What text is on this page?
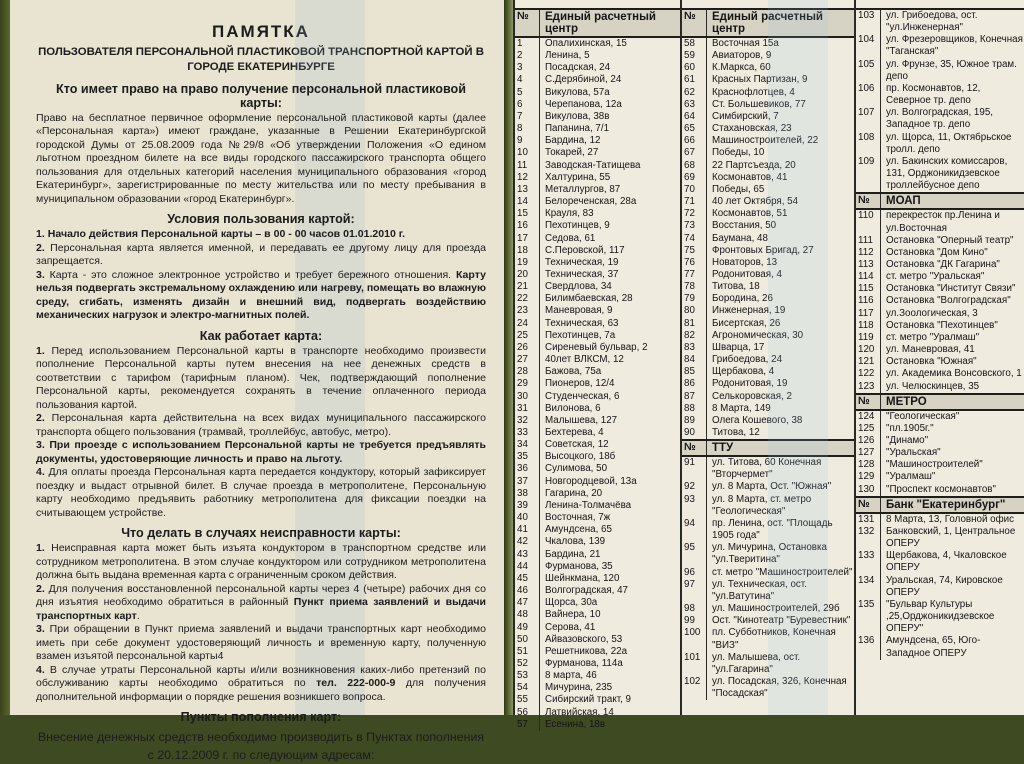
ПАМЯТКА
ПОЛЬЗОВАТЕЛЯ ПЕРСОНАЛЬНОЙ ПЛАСТИКОВОЙ ТРАНСПОРТНОЙ КАРТОЙ В ГОРОДЕ ЕКАТЕРИНБУРГЕ
Кто имеет право на право получение персональной пластиковой карты:
Право на бесплатное первичное оформление персональной пластиковой карты (далее «Персональная карта») имеют граждане, указанные в Решении Екатеринбургской городской Думы от 25.08.2009 года №29/8 «Об утверждении Положения «О едином льготном проездном билете на все виды городского пассажирского транспорта общего пользования для отдельных категорий населения муниципального образования «город Екатеринбург», зарегистрированные по месту жительства или по месту пребывания в муниципальном образовании «город Екатеринбург».
Условия пользования картой:
1. Начало действия Персональной карты – в 00 - 00 часов 01.01.2010 г.
2. Персональная карта является именной, и передавать ее другому лицу для проезда запрещается.
3. Карта - это сложное электронное устройство и требует бережного отношения. Карту нельзя подвергать экстремальному охлаждению или нагреву, помещать во влажную среду, сгибать, изменять дизайн и внешний вид, подвергать воздействию механических нагрузок и электро-магнитных полей.
Как работает карта:
1. Перед использованием Персональной карты в транспорте необходимо произвести пополнение Персональной карты путем внесения на нее денежных средств в соответствии с тарифом (тарифным планом). Чек, подтверждающий пополнение Персональной карты, рекомендуется сохранять в течение оплаченного периода пользования картой.
2. Персональная карта действительна на всех видах муниципального пассажирского транспорта общего пользования (трамвай, троллейбус, автобус, метро).
3. При проезде с использованием Персональной карты не требуется предъявлять документы, удостоверяющие личность и право на льготу.
4. Для оплаты проезда Персональная карта передается кондуктору, который зафиксирует поездку и выдаст отрывной билет. В случае проезда в метрополитене, Персональную карту необходимо предъявить работнику метрополитена для фиксации поездки на считывающем устройстве.
Что делать в случаях неисправности карты:
1. Неисправная карта может быть изъята кондуктором в транспортном средстве или сотрудником метрополитена. В этом случае кондуктором или сотрудником метрополитена должна быть выдана временная карта с ограниченным сроком действия.
2. Для получения восстановленной персональной карты через 4 (четыре) рабочих дня со дня изъятия необходимо обратиться в районный Пункт приема заявлений и выдачи транспортных карт.
3. При обращении в Пункт приема заявлений и выдачи транспортных карт необходимо иметь при себе документ удостоверяющий личность и временную карту, полученную взамен изъятой персональной карты4
4. В случае утраты Персональной карты и/или возникновения каких-либо претензий по обслуживанию карты необходимо обратиться по тел. 222-000-9 для получения дополнительной информации о порядке решения возникшего вопроса.
Пункты пополнения карт:
Внесение денежных средств необходимо производить в Пунктах пополнения с 20.12.2009 г. по следующим адресам:
№	Единый расчетный центр
1	Опалихинская, 15
2	Ленина, 5
3	Посадская, 24
4	С.Дерябиной, 24
5	Викулова, 57а
6	Черепанова, 12а
7	Викулова, 38в
8	Папанина, 7/1
9	Бардина, 12
10	Токарей, 27
11	Заводская-Татищева
12	Халтурина, 55
13	Металлургов, 87
14	Белореченская, 28а
15	Крауля, 83
16	Пехотинцев, 9
17	Седова, 61
18	С.Перовской, 117
19	Техническая, 19
20	Техническая, 37
21	Свердлова, 34
22	Билимбаевская, 28
23	Маневровая, 9
24	Техническая, 63
25	Пехотинцев, 7а
26	Сиреневый бульвар, 2
27	40лет ВЛКСМ, 12
28	Бажова, 75а
29	Пионеров, 12/4
30	Студенческая, 6
31	Вилонова, 6
32	Малышева, 127
33	Бехтерева, 4
34	Советская, 12
35	Высоцкого, 18б
36	Сулимова, 50
37	Новгородцевой, 13а
38	Гагарина, 20
39	Ленина-Толмачёва
40	Восточная, 7ж
41	Амундсена, 65
42	Чкалова, 139
43	Бардина, 21
44	Фурманова, 35
45	Шейнкмана, 120
46	Волгоградская, 47
47	Щорса, 30а
48	Вайнера, 10
49	Серова, 41
50	Айвазовского, 53
51	Решетникова, 22а
52	Фурманова, 114а
53	8 марта, 46
54	Мичурина, 235
55	Сибирский тракт, 9
56	Латвийская, 14
57	Есенина, 18в
№	Единый расчетный центр
58	Восточная 15а
59	Авиаторов, 9
60	К.Маркса, 60
61	Красных Партизан, 9
62	Краснофлотцев, 4
63	Ст. Большевиков, 77
64	Симбирский, 7
65	Стахановская, 23
66	Машиностроителей, 22
67	Победы, 10
68	22 Партсъезда, 20
69	Космонавтов, 41
70	Победы, 65
71	40 лет Октября, 54
72	Космонавтов, 51
73	Восстания, 50
74	Баумана, 48
75	Фронтовых Бригад, 27
76	Новаторов, 13
77	Родонитовая, 4
78	Титова, 18
79	Бородина, 26
80	Инженерная, 19
81	Бисертская, 26
82	Агрономическая, 30
83	Шварца, 17
84	Грибоедова, 24
85	Щербакова, 4
86	Родонитовая, 19
87	Селькоровская, 2
88	8 Марта, 149
89	Олега Кошевого, 38
90	Титова, 12
№	ТТУ
91	ул. Титова, 60 Конечная "Вторчермет"
92	ул. 8 Марта, Ост. "Южная"
93	ул. 8 Марта, ст. метро "Геологическая"
94	пр. Ленина, ост. "Площадь 1905 года"
95	ул. Мичурина, Остановка "ул.Тверитина"
96	ст. метро "Машиностроителей"
97	ул. Техническая, ост. "ул.Ватутина"
98	ул. Машиностроителей, 29б
99	Ост. "Кинотеатр "Буревестник"
100	пл. Субботников, Конечная "ВИЗ"
101	ул. Малышева, ост. "ул.Гагарина"
102	ул. Посадская, 326, Конечная "Посадская"
103	ул. Грибоедова, ост. "ул.Инженерная"
104	ул. Фрезеровщиков, Конечная "Таганская"
105	ул. Фрунзе, 35, Южное трам. депо
106	пр. Космонавтов, 12, Северное тр. депо
107	ул. Волгоградская, 195, Западное тр. депо
108	ул. Щорса, 11, Октябрьское тролл. депо
109	ул. Бакинских комиссаров, 131, Орджоникидзевское троллейбусное депо
№	МОАП
110	перекресток пр.Ленина и ул.Восточная
111	Остановка "Оперный театр"
112	Остановка "Дом Кино"
113	Остановка "ДК Гагарина"
114	ст. метро "Уральская"
115	Остановка "Институт Связи"
116	Остановка "Волгоградская"
117	ул.Зоологическая, 3
118	Остановка "Пехотинцев"
119	ст. метро "Уралмаш"
120	ул. Маневровая, 41
121	Остановка "Южная"
122	ул. Академика Вонсовского, 1
123	ул. Челюскинцев, 35
№	МЕТРО
124	"Геологическая"
125	"пл.1905г."
126	"Динамо"
127	"Уральская"
128	"Машиностроителей"
129	"Уралмаш"
130	"Проспект космонавтов"
№	Банк "Екатеринбург"
131	8 Марта, 13, Головной офис
132	Банковский, 1, Центральное ОПЕРУ
133	Щербакова, 4, Чкаловское ОПЕРУ
134	Уральская, 74, Кировское ОПЕРУ
135	"Бульвар Культуры ,25,Орджоникидзевское ОПЕРУ"
136	Амундсена, 65, Юго-Западное ОПЕРУ
